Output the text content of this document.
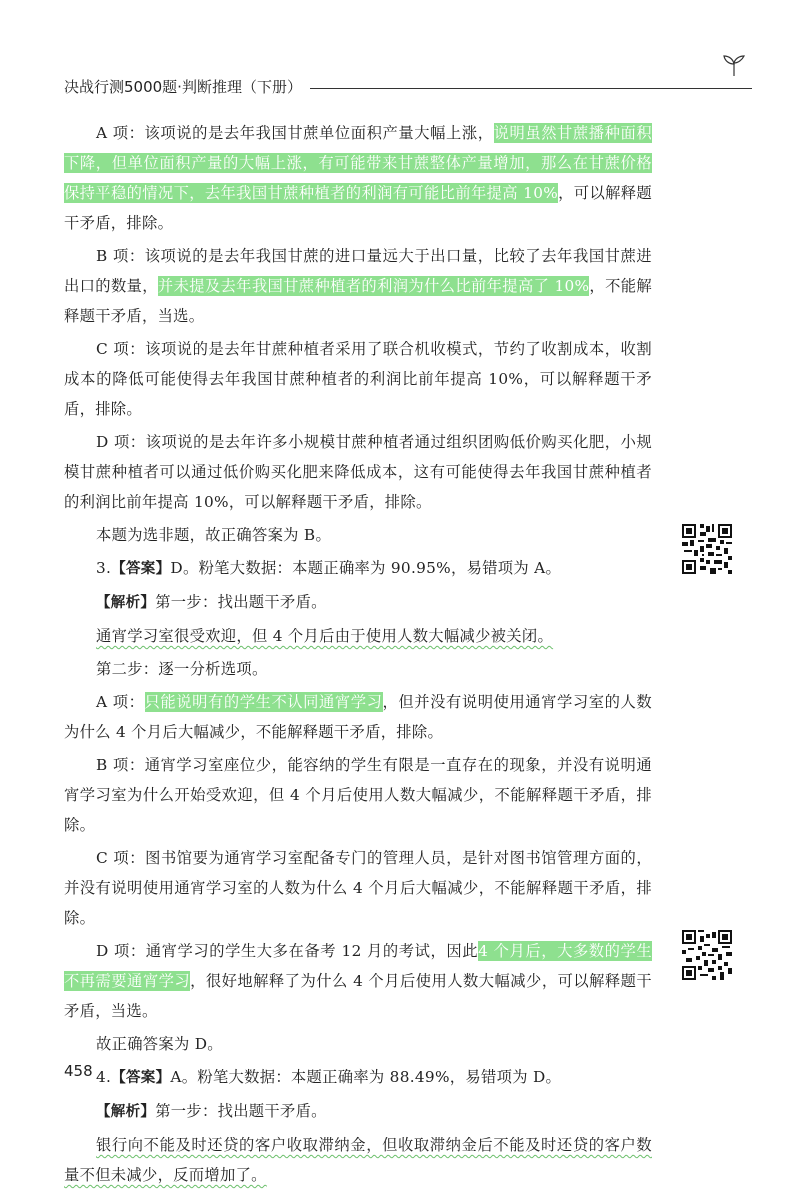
决战行测5000题·判断推理（下册）

A 项：该项说的是去年我国甘蔗单位面积产量大幅上涨，说明虽然甘蔗播种面积下降，但单位面积产量的大幅上涨，有可能带来甘蔗整体产量增加，那么在甘蔗价格保持平稳的情况下，去年我国甘蔗种植者的利润有可能比前年提高 10%，可以解释题干矛盾，排除。

B 项：该项说的是去年我国甘蔗的进口量远大于出口量，比较了去年我国甘蔗进出口的数量，并未提及去年我国甘蔗种植者的利润为什么比前年提高了 10%，不能解释题干矛盾，当选。

C 项：该项说的是去年甘蔗种植者采用了联合机收模式，节约了收割成本，收割成本的降低可能使得去年我国甘蔗种植者的利润比前年提高 10%，可以解释题干矛盾，排除。

D 项：该项说的是去年许多小规模甘蔗种植者通过组织团购低价购买化肥，小规模甘蔗种植者可以通过低价购买化肥来降低成本，这有可能使得去年我国甘蔗种植者的利润比前年提高 10%，可以解释题干矛盾，排除。

本题为选非题，故正确答案为 B。

3.【答案】D。粉笔大数据：本题正确率为 90.95%，易错项为 A。

【解析】第一步：找出题干矛盾。

通宵学习室很受欢迎，但 4 个月后由于使用人数大幅减少被关闭。

第二步：逐一分析选项。

A 项：只能说明有的学生不认同通宵学习，但并没有说明使用通宵学习室的人数为什么 4 个月后大幅减少，不能解释题干矛盾，排除。

B 项：通宵学习室座位少，能容纳的学生有限是一直存在的现象，并没有说明通宵学习室为什么开始受欢迎，但 4 个月后使用人数大幅减少，不能解释题干矛盾，排除。

C 项：图书馆要为通宵学习室配备专门的管理人员，是针对图书馆管理方面的，并没有说明使用通宵学习室的人数为什么 4 个月后大幅减少，不能解释题干矛盾，排除。

D 项：通宵学习的学生大多在备考 12 月的考试，因此4 个月后，大多数的学生不再需要通宵学习，很好地解释了为什么 4 个月后使用人数大幅减少，可以解释题干矛盾，当选。

故正确答案为 D。

4.【答案】A。粉笔大数据：本题正确率为 88.49%，易错项为 D。

【解析】第一步：找出题干矛盾。

银行向不能及时还贷的客户收取滞纳金，但收取滞纳金后不能及时还贷的客户数量不但未减少，反而增加了。

458
